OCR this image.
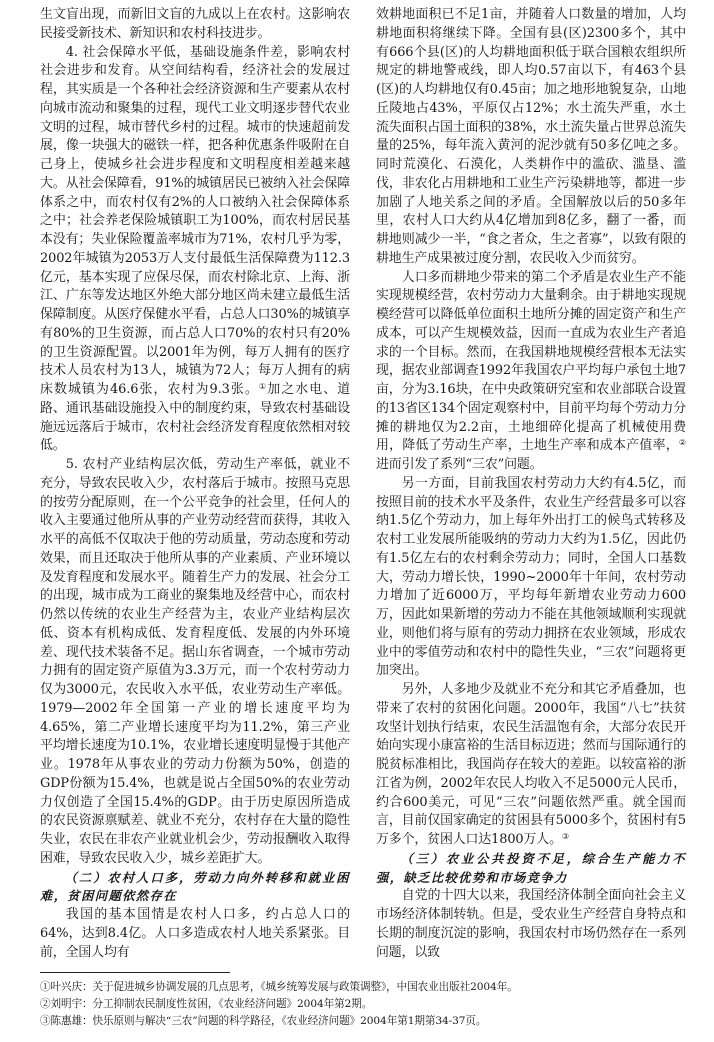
生文盲出现，而新旧文盲的九成以上在农村。这影响农民接受新技术、新知识和农村科技进步。

4. 社会保障水平低，基础设施条件差，影响农村社会进步和发育。从空间结构看，经济社会的发展过程，其实质是一个各种社会经济资源和生产要素从农村向城市流动和聚集的过程，现代工业文明逐步替代农业文明的过程，城市替代乡村的过程。城市的快速超前发展，像一块强大的磁铁一样，把各种优惠条件吸附在自己身上，使城乡社会进步程度和文明程度相差越来越大。从社会保障看，91%的城镇居民已被纳入社会保障体系之中，而农村仅有2%的人口被纳入社会保障体系之中；社会养老保险城镇职工为100%，而农村居民基本没有；失业保险覆盖率城市为71%，农村几乎为零，2002年城镇为2053万人支付最低生活保障费为112.3亿元，基本实现了应保尽保，而农村除北京、上海、浙江、广东等发达地区外绝大部分地区尚未建立最低生活保障制度。从医疗保健水平看，占总人口30%的城镇享有80%的卫生资源，而占总人口70%的农村只有20%的卫生资源配置。以2001年为例，每万人拥有的医疗技术人员农村为13人，城镇为72人；每万人拥有的病床数城镇为46.6张，农村为9.3张。①加之水电、道路、通讯基础设施投入中的制度约束，导致农村基础设施远远落后于城市，农村社会经济发育程度依然相对较低。

5. 农村产业结构层次低，劳动生产率低，就业不充分，导致农民收入少，农村落后于城市。按照马克思的按劳分配原则，在一个公平竞争的社会里，任何人的收入主要通过他所从事的产业劳动经营而获得，其收入水平的高低不仅取决于他的劳动质量，劳动态度和劳动效果，而且还取决于他所从事的产业素质、产业环境以及发育程度和发展水平。随着生产力的发展、社会分工的出现，城市成为工商业的聚集地及经营中心，而农村仍然以传统的农业生产经营为主，农业产业结构层次低、资本有机构成低、发育程度低、发展的内外环境差、现代技术装备不足。据山东省调查，一个城市劳动力拥有的固定资产原值为3.3万元，而一个农村劳动力仅为3000元，农民收入水平低，农业劳动生产率低。1979—2002年全国第一产业的增长速度平均为4.65%，第二产业增长速度平均为11.2%，第三产业平均增长速度为10.1%，农业增长速度明显慢于其他产业。1978年从事农业的劳动力份额为50%，创造的GDP份额为15.4%，也就是说占全国50%的农业劳动力仅创造了全国15.4%的GDP。由于历史原因所造成的农民资源禀赋差、就业不充分，农村存在大量的隐性失业，农民在非农产业就业机会少，劳动报酬收入取得困难，导致农民收入少，城乡差距扩大。

（二）农村人口多，劳动力向外转移和就业困难，贫困问题依然存在

我国的基本国情是农村人口多，约占总人口的64%，达到8.4亿。人口多造成农村人地关系紧张。目前，全国人均有

效耕地面积已不足1亩，并随着人口数量的增加，人均耕地面积将继续下降。全国有县(区)2300多个，其中有666个县(区)的人均耕地面积低于联合国粮农组织所规定的耕地警戒线，即人均0.57亩以下，有463个县(区)的人均耕地仅有0.45亩；加之地形地貌复杂，山地丘陵地占43%，平原仅占12%；水土流失严重，水土流失面积占国土面积的38%，水土流失量占世界总流失量的25%，每年流入黄河的泥沙就有50多亿吨之多。同时荒漠化、石漠化，人类耕作中的滥砍、滥垦、滥伐，非农化占用耕地和工业生产污染耕地等，都进一步加剧了人地关系之间的矛盾。全国解放以后的50多年里，农村人口大约从4亿增加到8亿多，翻了一番，而耕地则减少一半，“食之者众，生之者寡”，以致有限的耕地生产成果被过度分割，农民收入少而贫穷。

人口多而耕地少带来的第二个矛盾是农业生产不能实现规模经营，农村劳动力大量剩余。由于耕地实现规模经营可以降低单位面积土地所分摊的固定资产和生产成本，可以产生规模效益，因而一直成为农业生产者追求的一个目标。然而，在我国耕地规模经营根本无法实现，据农业部调查1992年我国农户平均每户承包土地7亩，分为3.16块，在中央政策研究室和农业部联合设置的13省区134个固定观察村中，目前平均每个劳动力分摊的耕地仅为2.2亩，土地细碎化提高了机械使用费用，降低了劳动生产率，土地生产率和成本产值率，②进而引发了系列“三农”问题。

另一方面，目前我国农村劳动力大约有4.5亿，而按照目前的技术水平及条件，农业生产经营最多可以容纳1.5亿个劳动力，加上每年外出打工的候鸟式转移及农村工业发展所能吸纳的劳动力大约为1.5亿，因此仍有1.5亿左右的农村剩余劳动力；同时，全国人口基数大，劳动力增长快，1990~2000年十年间，农村劳动力增加了近6000万，平均每年新增农业劳动力600万，因此如果新增的劳动力不能在其他领域顺利实现就业，则他们将与原有的劳动力拥挤在农业领域，形成农业中的零值劳动和农村中的隐性失业，“三农”问题将更加突出。

另外，人多地少及就业不充分和其它矛盾叠加，也带来了农村的贫困化问题。2000年，我国“八七”扶贫攻坚计划执行结束，农民生活温饱有余，大部分农民开始向实现小康富裕的生活目标迈进；然而与国际通行的脱贫标准相比，我国尚存在较大的差距。以较富裕的浙江省为例，2002年农民人均收入不足5000元人民币，约合600美元，可见“三农”问题依然严重。就全国而言，目前仅国家确定的贫困县有5000多个，贫困村有5万多个，贫困人口达1800万人。③

（三）农业公共投资不足，综合生产能力不强，缺乏比较优势和市场竞争力

自党的十四大以来，我国经济体制全面向社会主义市场经济体制转轨。但是，受农业生产经营自身特点和长期的制度沉淀的影响，我国农村市场仍然存在一系列问题，以致

①叶兴庆：关于促进城乡协调发展的几点思考，《城乡统筹发展与政策调整》，中国农业出版社2004年。
②刘明宇：分工抑制农民制度性贫困，《农业经济问题》2004年第2期。
③陈惠雄：快乐原则与解决“三农”问题的科学路径，《农业经济问题》2004年第1期第34-37页。
